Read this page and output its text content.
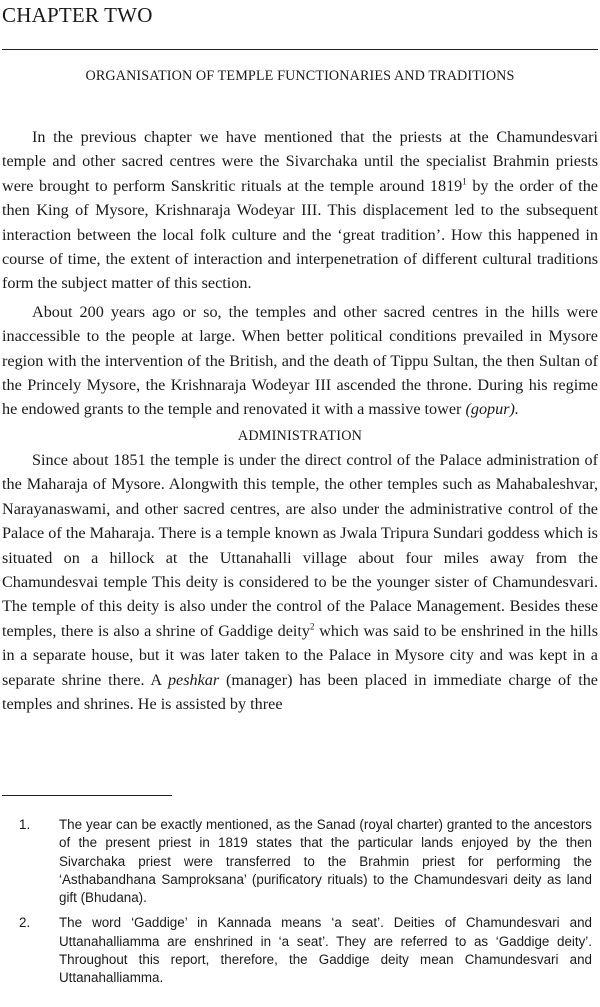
CHAPTER TWO
ORGANISATION OF TEMPLE FUNCTIONARIES AND TRADITIONS

In the previous chapter we have mentioned that the priests at the Chamundesvari temple and other sacred centres were the Sivarchaka until the specialist Brahmin priests were brought to perform Sanskritic rituals at the temple around 1819$^1$ by the order of the then King of Mysore, Krishnaraja Wodeyar III. This displacement led to the subsequent interaction between the local folk culture and the ‘great tradition’. How this happened in course of time, the extent of interaction and interpenetration of different cultural traditions form the subject matter of this section.

About 200 years ago or so, the temples and other sacred centres in the hills were inaccessible to the people at large. When better political conditions prevailed in Mysore region with the intervention of the British, and the death of Tippu Sultan, the then Sultan of the Princely Mysore, the Krishnaraja Wodeyar III ascended the throne. During his regime he endowed grants to the temple and renovated it with a massive tower (gopur).

ADMINISTRATION

Since about 1851 the temple is under the direct control of the Palace administration of the Maharaja of Mysore. Alongwith this temple, the other temples such as Mahabaleshvar, Narayanaswami, and other sacred centres, are also under the administrative control of the Palace of the Maharaja. There is a temple known as Jwala Tripura Sundari goddess which is situated on a hillock at the Uttanahalli village about four miles away from the Chamundesvai temple This deity is considered to be the younger sister of Chamundesvari. The temple of this deity is also under the control of the Palace Management. Besides these temples, there is also a shrine of Gaddige deity$^2$ which was said to be enshrined in the hills in a separate house, but it was later taken to the Palace in Mysore city and was kept in a separate shrine there. A peshkar (manager) has been placed in immediate charge of the temples and shrines. He is assisted by three

1.	The year can be exactly mentioned, as the Sanad (royal charter) granted to the ancestors of the present priest in 1819 states that the particular lands enjoyed by the then Sivarchaka priest were transferred to the Brahmin priest for performing the ‘Asthabandhana Samproksana’ (purificatory rituals) to the Chamundesvari deity as land gift (Bhudana).
2.	The word ‘Gaddige’ in Kannada means ‘a seat’. Deities of Chamundesvari and Uttanahalliamma are enshrined in ‘a seat’. They are referred to as ‘Gaddige deity’. Throughout this report, therefore, the Gaddige deity mean Chamundesvari and Uttanahalliamma.
